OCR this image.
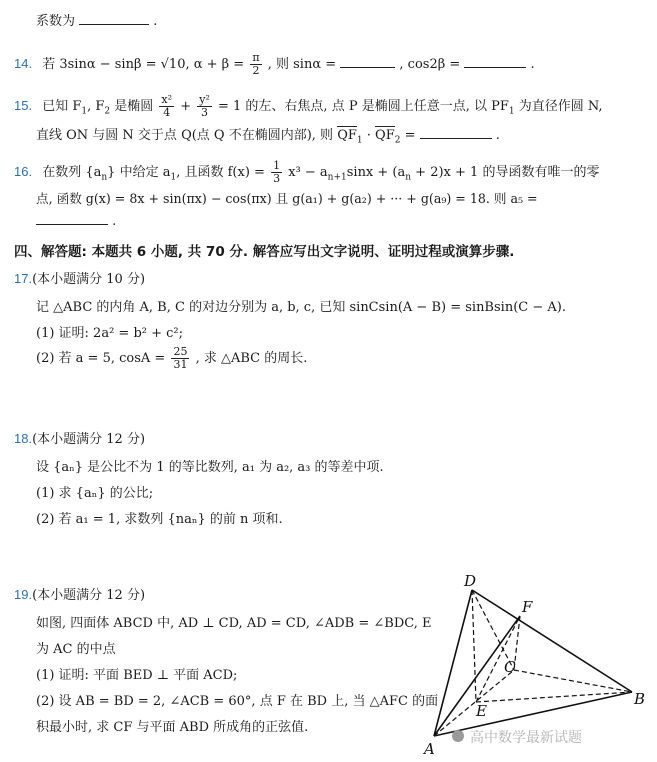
系数为	.
14. 若 3sinα − sinβ = √10, $\alpha + \beta = \frac{\pi}{2}$ , 则 sinα =	, cos2β =	.
15. 已知 $F_1$, $F_2$ 是椭圆 $\frac{\text{x²}}{4} + \frac{\text{y²}}{3} = 1$ 的左、右焦点, 点 P 是椭圆上任意一点, 以 $PF_1$ 为直径作圆 N,
直线 ON 与圆 N 交于点 Q(点 Q 不在椭圆内部), 则 $QF_1 \cdot QF_2$ =	.
16. 在数列 $\{a_n\}$ 中给定 $a_1$, 且函数 $f(x) = \frac{1}{3} x^3 - a_{n+1}\sin x + (a_n + 2)x + 1$ 的导函数有唯一的零
点, 函数 g(x) = 8x + sin(πx) − cos(πx) 且 g(a₁) + g(a₂) + ··· + g(a₉) = 18. 则 a₅ =
.
四、解答题: 本题共 6 小题, 共 70 分. 解答应写出文字说明、证明过程或演算步骤.
17.(本小题满分 10 分)
记 △ABC 的内角 A, B, C 的对边分别为 a, b, c, 已知 sinCsin(A − B) = sinBsin(C − A).
(1) 证明: 2a² = b² + c²;
(2) 若 a = 5, $\cos A = \frac{25}{31}$ , 求 △ABC 的周长.
18.(本小题满分 12 分)
设 {aₙ} 是公比不为 1 的等比数列, a₁ 为 a₂, a₃ 的等差中项.
(1) 求 {aₙ} 的公比;
(2) 若 a₁ = 1, 求数列 {naₙ} 的前 n 项和.
19.(本小题满分 12 分)
如图, 四面体 ABCD 中, AD ⊥ CD, AD = CD, ∠ADB = ∠BDC, E
为 AC 的中点
(1) 证明: 平面 BED ⊥ 平面 ACD;
(2) 设 AB = BD = 2, ∠ACB = 60°, 点 F 在 BD 上, 当 △AFC 的面
积最小时, 求 CF 与平面 ABD 所成角的正弦值.
D
F
C
E
A
B
高中数学最新试题
